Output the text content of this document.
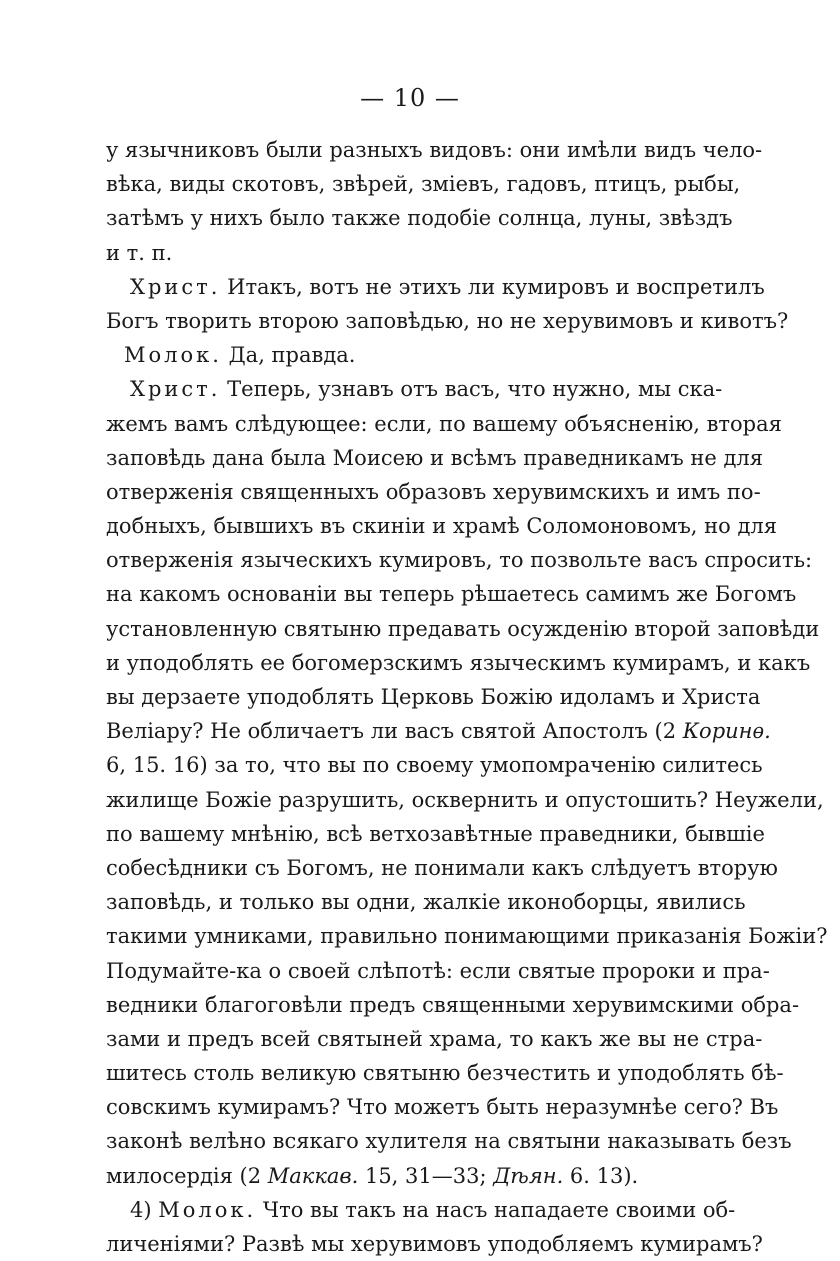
— 10 —
у язычниковъ были разныхъ видовъ: они имѣли видъ чело-
вѣка, виды скотовъ, звѣрей, змiевъ, гадовъ, птицъ, рыбы,
затѣмъ у нихъ было также подобie солнца, луны, звѣздъ
и т. п.
Христ. Итакъ, вотъ не этихъ ли кумировъ и воспретилъ
Богъ творить второю заповѣдью, но не херувимовъ и кивотъ?
Молок. Да, правда.
Христ. Теперь, узнавъ отъ васъ, что нужно, мы ска-
жемъ вамъ слѣдующее: если, по вашему объясненiю, вторая
заповѣдь дана была Моисею и всѣмъ праведникамъ не для
отверженiя священныхъ образовъ херувимскихъ и имъ по-
добныхъ, бывшихъ въ скинiи и храмѣ Соломоновомъ, но для
отверженiя языческихъ кумировъ, то позвольте васъ спросить:
на какомъ основанiи вы теперь рѣшаетесь самимъ же Богомъ
установленную святыню предавать осужденiю второй заповѣди
и уподоблять ее богомерзскимъ языческимъ кумирамъ, и какъ
вы дерзаете уподоблять Церковь Божiю идоламъ и Христа
Веліару? Не обличаетъ ли васъ святой Апостолъ (2 Коринѳ.
6, 15. 16) за то, что вы по своему умопомраченiю силитесь
жилище Божiе разрушить, осквернить и опустошить? Неужели,
по вашему мнѣнiю, всѣ ветхозавѣтные праведники, бывшiе
собесѣдники съ Богомъ, не понимали какъ слѣдуетъ вторую
заповѣдь, и только вы одни, жалкiе иконоборцы, явились
такими умниками, правильно понимающими приказанiя Божiи?
Подумайте-ка о своей слѣпотѣ: если святые пророки и пра-
ведники благоговѣли предъ священными херувимскими обра-
зами и предъ всей святыней храма, то какъ же вы не стра-
шитесь столь великую святыню безчестить и уподоблять бѣ-
совскимъ кумирамъ? Что можетъ быть неразумнѣе сего? Въ
законѣ велѣно всякаго хулителя на святыни наказывать безъ
милосердiя (2 Маккав. 15, 31—33; Дѣян. 6. 13).
4) Молок. Что вы такъ на насъ нападаете своими об-
личенiями? Развѣ мы херувимовъ уподобляемъ кумирамъ?
